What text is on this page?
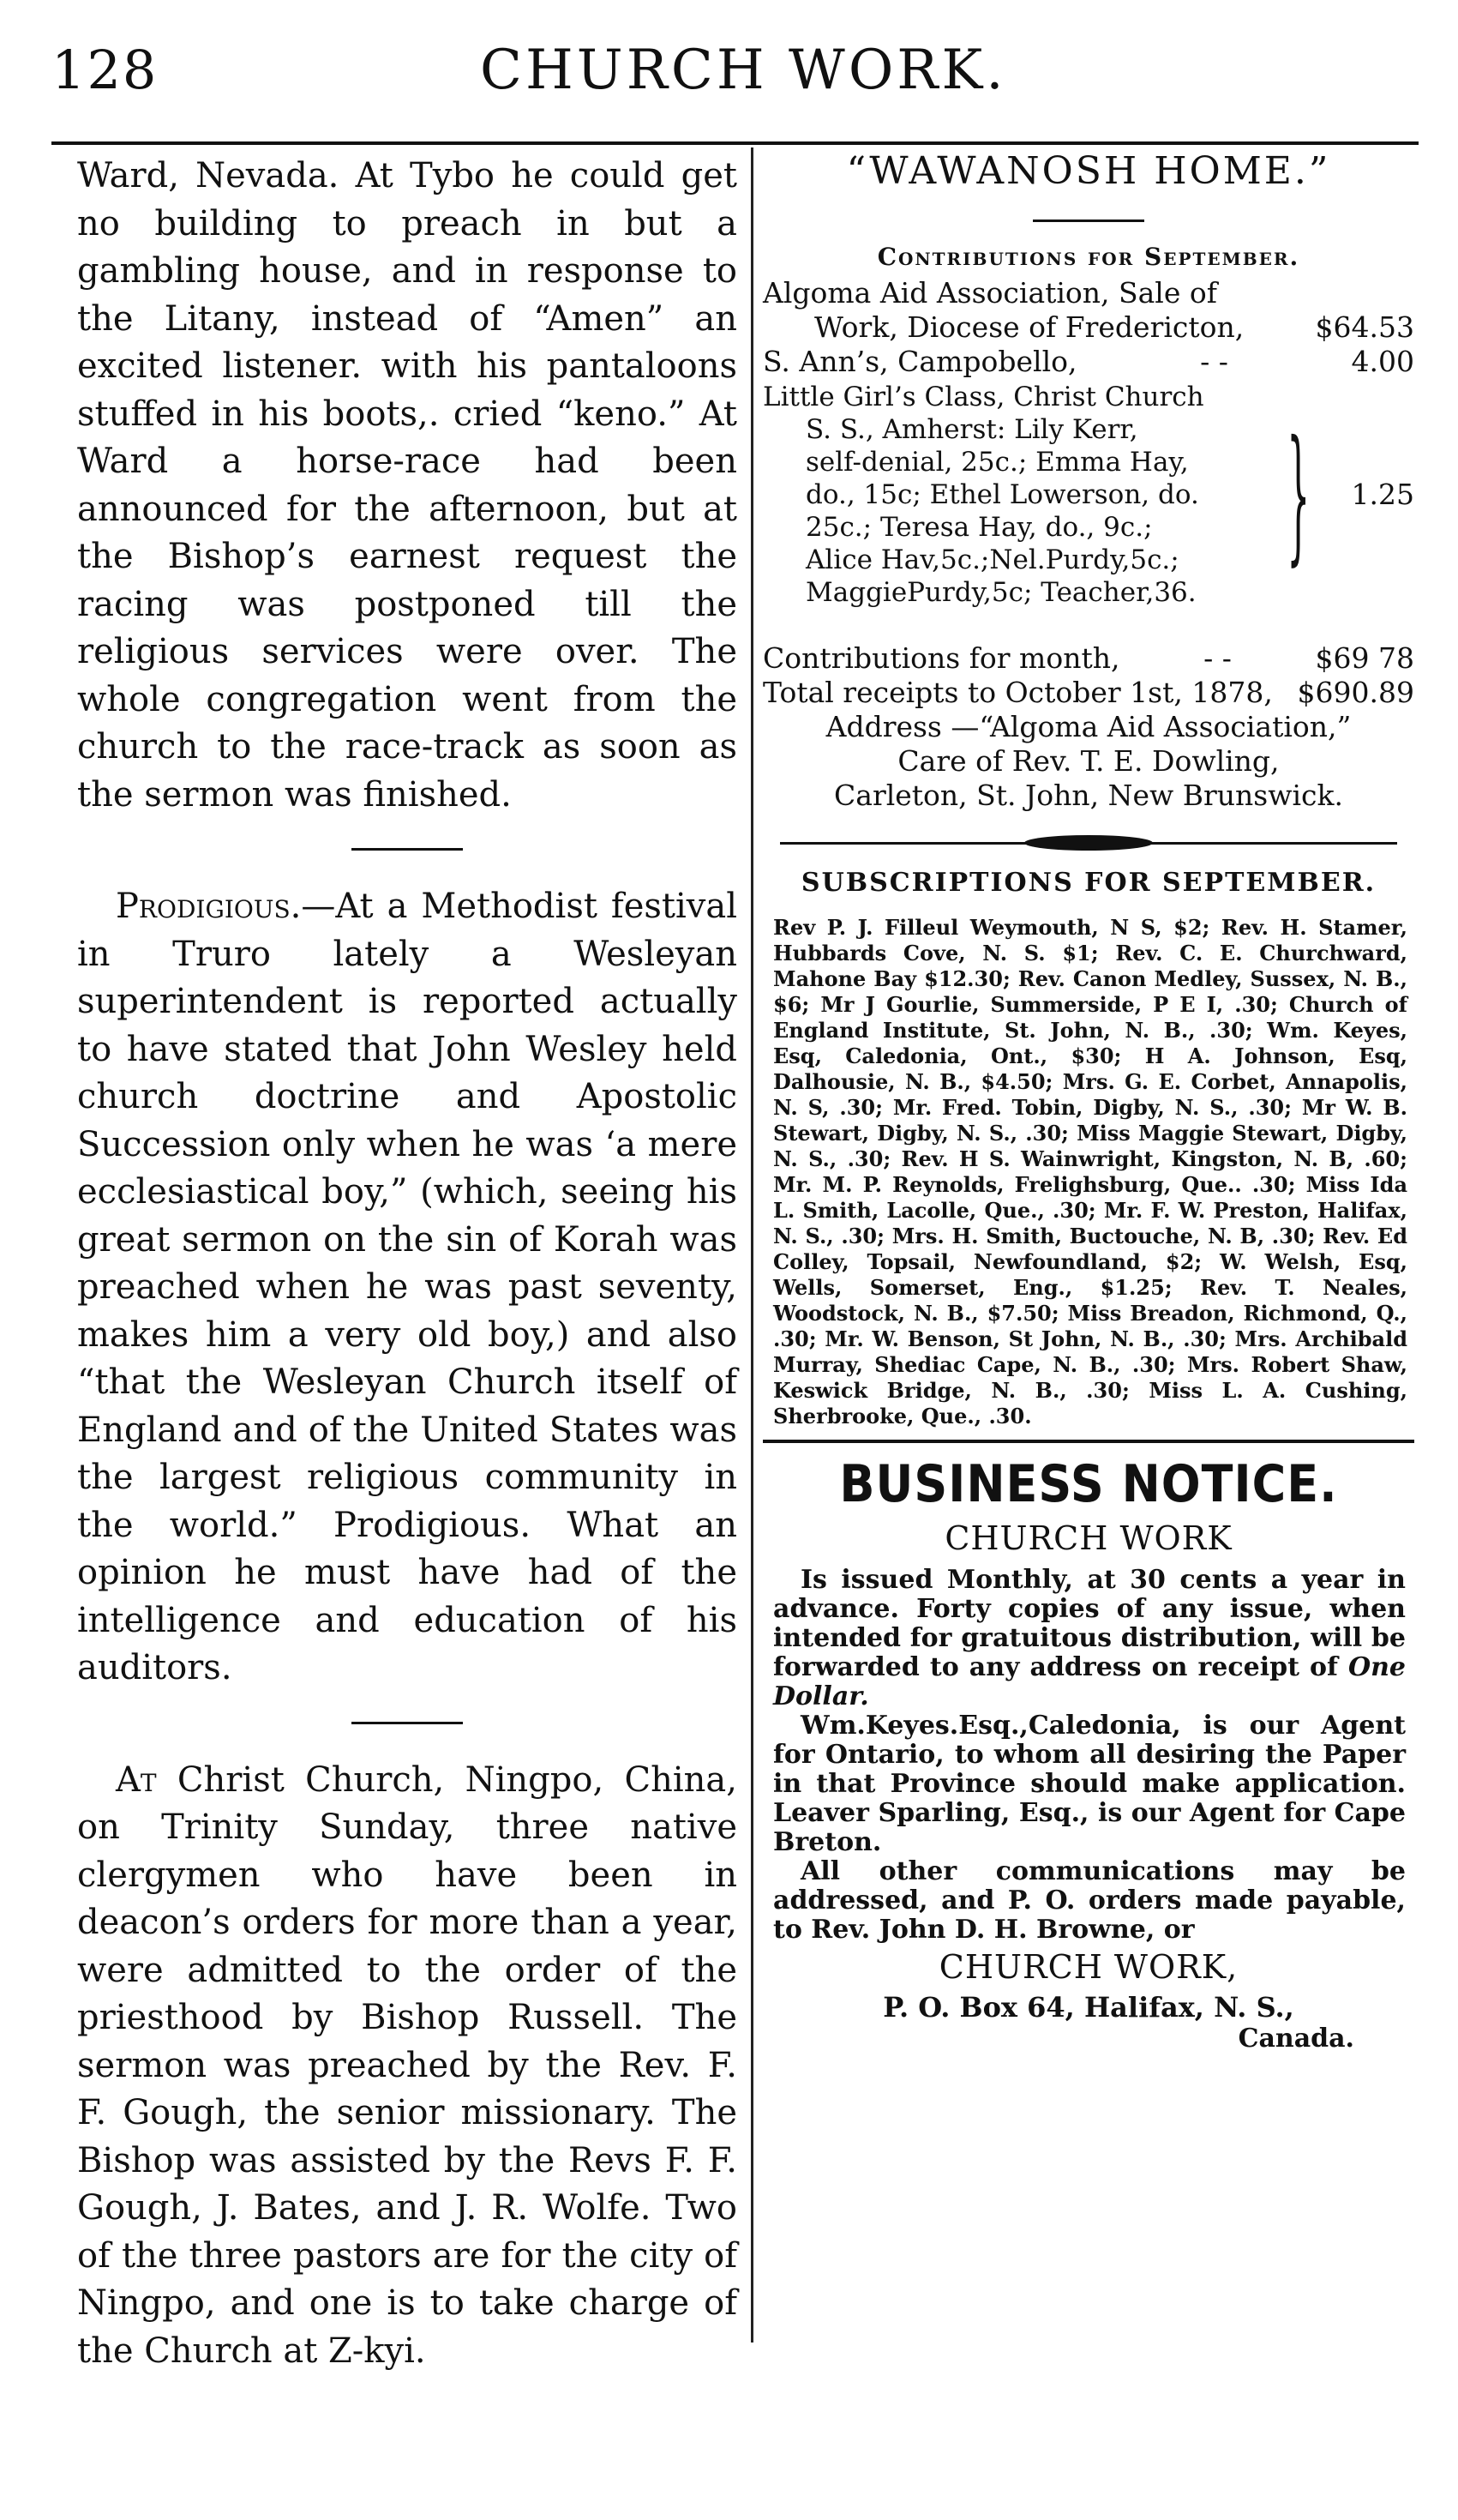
128	CHURCH WORK.

Ward, Nevada. At Tybo he could get no building to preach in but a gambling house, and in response to the Litany, instead of “Amen” an excited listener. with his pantaloons stuffed in his boots,. cried “keno.” At Ward a horse-race had been announced for the afternoon, but at the Bishop’s earnest request the racing was postponed till the religious services were over. The whole congregation went from the church to the race-track as soon as the sermon was finished.

Prodigious.—At a Methodist festival in Truro lately a Wesleyan superintendent is reported actually to have stated that John Wesley held church doctrine and Apostolic Succession only when he was ‘a mere ecclesiastical boy,” (which, seeing his great sermon on the sin of Korah was preached when he was past seventy, makes him a very old boy,) and also “that the Wesleyan Church itself of England and of the United States was the largest religious community in the world.” Prodigious. What an opinion he must have had of the intelligence and education of his auditors.

At Christ Church, Ningpo, China, on Trinity Sunday, three native clergymen who have been in deacon’s orders for more than a year, were admitted to the order of the priesthood by Bishop Russell. The sermon was preached by the Rev. F. F. Gough, the senior missionary. The Bishop was assisted by the Revs F. F. Gough, J. Bates, and J. R. Wolfe. Two of the three pastors are for the city of Ningpo, and one is to take charge of the Church at Z-kyi.

“WAWANOSH HOME.”
Contributions for September.
Algoma Aid Association, Sale of
Work, Diocese of Fredericton,	$64.53
S. Ann’s, Campobello,	- -	4.00
Little Girl’s Class, Christ Church
S. S., Amherst: Lily Kerr,
self-denial, 25c.; Emma Hay,
do., 15c; Ethel Lowerson, do.
25c.; Teresa Hay, do., 9c.;
Alice Hav,5c.;Nel.Purdy,5c.;
MaggiePurdy,5c; Teacher,36.
}	1.25
Contributions for month,	- -	$69 78
Total receipts to October 1st, 1878, $690.89
Address —“Algoma Aid Association,”
Care of Rev. T. E. Dowling,
Carleton, St. John, New Brunswick.
SUBSCRIPTIONS FOR SEPTEMBER.
Rev P. J. Filleul Weymouth, N S, $2; Rev. H. Stamer, Hubbards Cove, N. S. $1; Rev. C. E. Churchward, Mahone Bay $12.30; Rev. Canon Medley, Sussex, N. B., $6; Mr J Gourlie, Summerside, P E I, .30; Church of England Institute, St. John, N. B., .30; Wm. Keyes, Esq, Caledonia, Ont., $30; H A. Johnson, Esq, Dalhousie, N. B., $4.50; Mrs. G. E. Corbet, Annapolis, N. S, .30; Mr. Fred. Tobin, Digby, N. S., .30; Mr W. B. Stewart, Digby, N. S., .30; Miss Maggie Stewart, Digby, N. S., .30; Rev. H S. Wainwright, Kingston, N. B, .60; Mr. M. P. Reynolds, Frelighsburg, Que.. .30; Miss Ida L. Smith, Lacolle, Que., .30; Mr. F. W. Preston, Halifax, N. S., .30; Mrs. H. Smith, Buctouche, N. B, .30; Rev. Ed Colley, Topsail, Newfoundland, $2; W. Welsh, Esq, Wells, Somerset, Eng., $1.25; Rev. T. Neales, Woodstock, N. B., $7.50; Miss Breadon, Richmond, Q., .30; Mr. W. Benson, St John, N. B., .30; Mrs. Archibald Murray, Shediac Cape, N. B., .30; Mrs. Robert Shaw, Keswick Bridge, N. B., .30; Miss L. A. Cushing, Sherbrooke, Que., .30.
BUSINESS NOTICE.
CHURCH WORK

Is issued Monthly, at 30 cents a year in advance. Forty copies of any issue, when intended for gratuitous distribution, will be forwarded to any address on receipt of One Dollar.

Wm.Keyes.Esq.,Caledonia, is our Agent for Ontario, to whom all desiring the Paper in that Province should make application. Leaver Sparling, Esq., is our Agent for Cape Breton.

All other communications may be addressed, and P. O. orders made payable, to Rev. John D. H. Browne, or

CHURCH WORK,
P. O. Box 64, Halifax, N. S.,
Canada.
